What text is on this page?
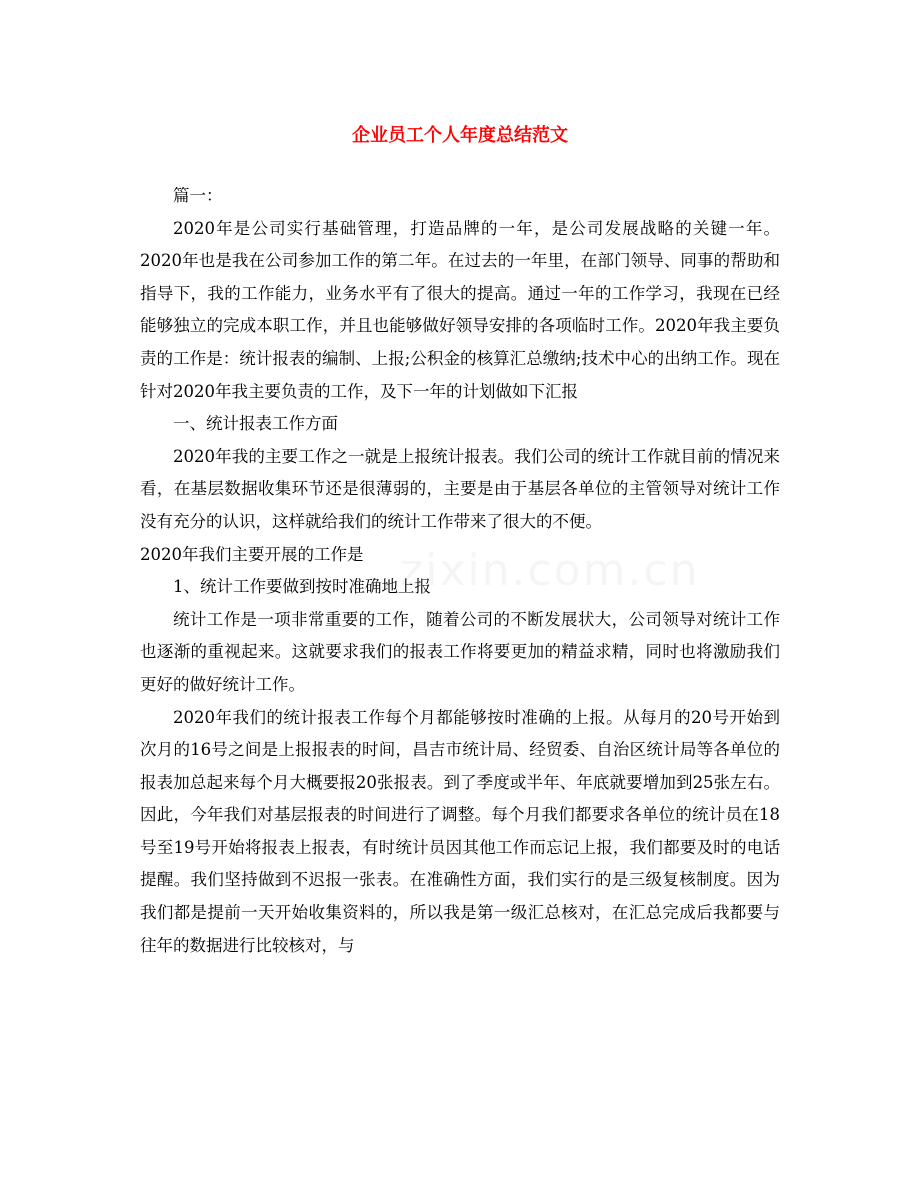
企业员工个人年度总结范文

篇一：

2020年是公司实行基础管理，打造品牌的一年，是公司发展战略的关键一年。2020年也是我在公司参加工作的第二年。在过去的一年里，在部门领导、同事的帮助和指导下，我的工作能力，业务水平有了很大的提高。通过一年的工作学习，我现在已经能够独立的完成本职工作，并且也能够做好领导安排的各项临时工作。2020年我主要负责的工作是：统计报表的编制、上报;公积金的核算汇总缴纳;技术中心的出纳工作。现在针对2020年我主要负责的工作，及下一年的计划做如下汇报

一、统计报表工作方面

2020年我的主要工作之一就是上报统计报表。我们公司的统计工作就目前的情况来看，在基层数据收集环节还是很薄弱的，主要是由于基层各单位的主管领导对统计工作没有充分的认识，这样就给我们的统计工作带来了很大的不便。

2020年我们主要开展的工作是

1、统计工作要做到按时准确地上报

统计工作是一项非常重要的工作，随着公司的不断发展状大，公司领导对统计工作也逐渐的重视起来。这就要求我们的报表工作将要更加的精益求精，同时也将激励我们更好的做好统计工作。

2020年我们的统计报表工作每个月都能够按时准确的上报。从每月的20号开始到次月的16号之间是上报报表的时间，昌吉市统计局、经贸委、自治区统计局等各单位的报表加总起来每个月大概要报20张报表。到了季度或半年、年底就要增加到25张左右。因此，今年我们对基层报表的时间进行了调整。每个月我们都要求各单位的统计员在18号至19号开始将报表上报表，有时统计员因其他工作而忘记上报，我们都要及时的电话提醒。我们坚持做到不迟报一张表。在准确性方面，我们实行的是三级复核制度。因为我们都是提前一天开始收集资料的，所以我是第一级汇总核对，在汇总完成后我都要与往年的数据进行比较核对，与

zixin.com.cn
